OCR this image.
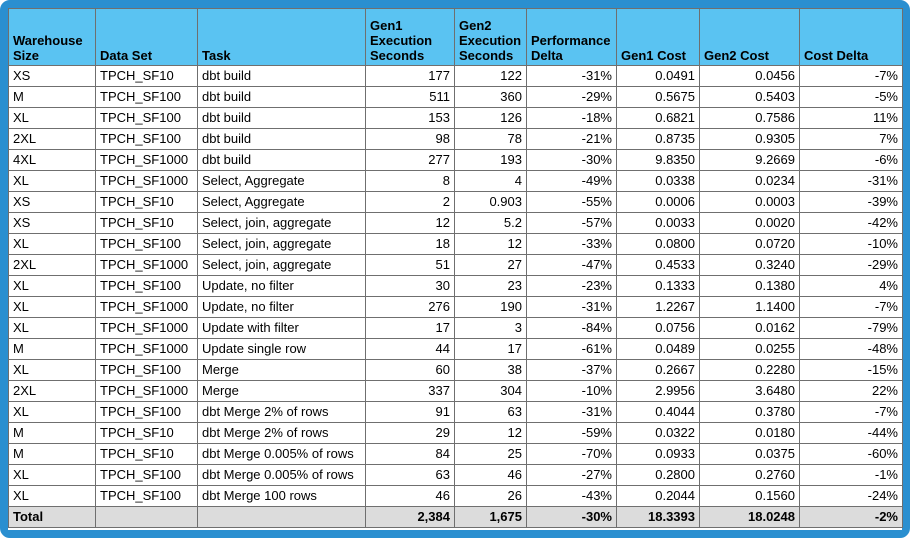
Warehouse Size	Data Set	Task	Gen1 Execution Seconds	Gen2 Execution Seconds	Performance Delta	Gen1 Cost	Gen2 Cost	Cost Delta
XS	TPCH_SF10	dbt build	177	122	-31%	0.0491	0.0456	-7%
M	TPCH_SF100	dbt build	511	360	-29%	0.5675	0.5403	-5%
XL	TPCH_SF100	dbt build	153	126	-18%	0.6821	0.7586	11%
2XL	TPCH_SF100	dbt build	98	78	-21%	0.8735	0.9305	7%
4XL	TPCH_SF1000	dbt build	277	193	-30%	9.8350	9.2669	-6%
XL	TPCH_SF1000	Select, Aggregate	8	4	-49%	0.0338	0.0234	-31%
XS	TPCH_SF10	Select, Aggregate	2	0.903	-55%	0.0006	0.0003	-39%
XS	TPCH_SF10	Select, join, aggregate	12	5.2	-57%	0.0033	0.0020	-42%
XL	TPCH_SF100	Select, join, aggregate	18	12	-33%	0.0800	0.0720	-10%
2XL	TPCH_SF1000	Select, join, aggregate	51	27	-47%	0.4533	0.3240	-29%
XL	TPCH_SF100	Update, no filter	30	23	-23%	0.1333	0.1380	4%
XL	TPCH_SF1000	Update, no filter	276	190	-31%	1.2267	1.1400	-7%
XL	TPCH_SF1000	Update with filter	17	3	-84%	0.0756	0.0162	-79%
M	TPCH_SF1000	Update single row	44	17	-61%	0.0489	0.0255	-48%
XL	TPCH_SF100	Merge	60	38	-37%	0.2667	0.2280	-15%
2XL	TPCH_SF1000	Merge	337	304	-10%	2.9956	3.6480	22%
XL	TPCH_SF100	dbt Merge 2% of rows	91	63	-31%	0.4044	0.3780	-7%
M	TPCH_SF10	dbt Merge 2% of rows	29	12	-59%	0.0322	0.0180	-44%
M	TPCH_SF10	dbt Merge 0.005% of rows	84	25	-70%	0.0933	0.0375	-60%
XL	TPCH_SF100	dbt Merge 0.005% of rows	63	46	-27%	0.2800	0.2760	-1%
XL	TPCH_SF100	dbt Merge 100 rows	46	26	-43%	0.2044	0.1560	-24%
Total			2,384	1,675	-30%	18.3393	18.0248	-2%
